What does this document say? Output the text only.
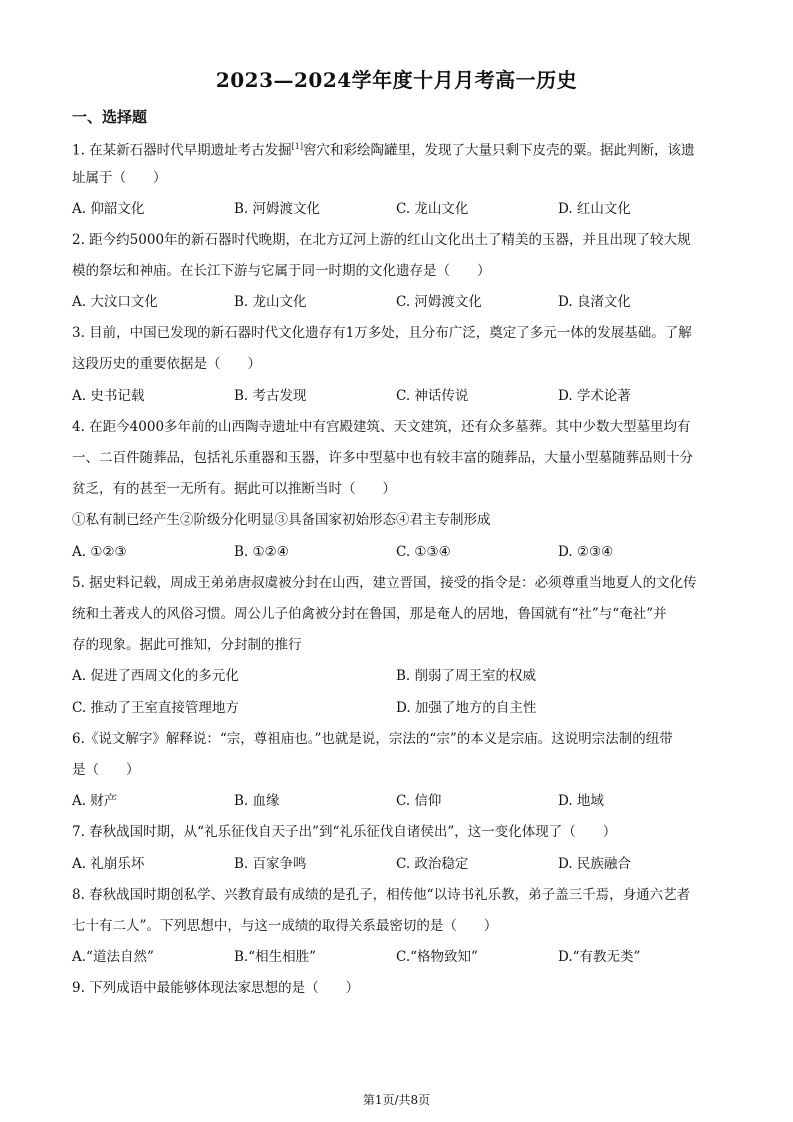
2023—2024学年度十月月考高一历史
一、选择题
1. 在某新石器时代早期遗址考古发掘[1]窖穴和彩绘陶罐里，发现了大量只剩下皮壳的粟。据此判断，该遗
址属于（　　）
A. 仰韶文化	B. 河姆渡文化	C. 龙山文化	D. 红山文化
2. 距今约5000年的新石器时代晚期，在北方辽河上游的红山文化出土了精美的玉器，并且出现了较大规
模的祭坛和神庙。在长江下游与它属于同一时期的文化遗存是（　　）
A. 大汶口文化	B. 龙山文化	C. 河姆渡文化	D. 良渚文化
3. 目前，中国已发现的新石器时代文化遗存有1万多处，且分布广泛，奠定了多元一体的发展基础。了解
这段历史的重要依据是（　　）
A. 史书记载	B. 考古发现	C. 神话传说	D. 学术论著
4. 在距今4000多年前的山西陶寺遗址中有宫殿建筑、天文建筑，还有众多墓葬。其中少数大型墓里均有
一、二百件随葬品，包括礼乐重器和玉器，许多中型墓中也有较丰富的随葬品，大量小型墓随葬品则十分
贫乏，有的甚至一无所有。据此可以推断当时（　　）
①私有制已经产生②阶级分化明显③具备国家初始形态④君主专制形成
A. ①②③	B. ①②④	C. ①③④	D. ②③④
5. 据史料记载，周成王弟弟唐叔虞被分封在山西，建立晋国，接受的指令是：必须尊重当地夏人的文化传
统和土著戎人的风俗习惯。周公儿子伯禽被分封在鲁国，那是奄人的居地，鲁国就有“社”与“奄社”并
存的现象。据此可推知，分封制的推行
A. 促进了西周文化的多元化	B. 削弱了周王室的权威
C. 推动了王室直接管理地方	D. 加强了地方的自主性
6.《说文解字》解释说：“宗，尊祖庙也。”也就是说，宗法的“宗”的本义是宗庙。这说明宗法制的纽带
是（　　）
A. 财产	B. 血缘	C. 信仰	D. 地域
7. 春秋战国时期，从“礼乐征伐自天子出”到“礼乐征伐自诸侯出”，这一变化体现了（　　）
A. 礼崩乐坏	B. 百家争鸣	C. 政治稳定	D. 民族融合
8. 春秋战国时期创私学、兴教育最有成绩的是孔子，相传他“以诗书礼乐教，弟子盖三千焉，身通六艺者
七十有二人”。下列思想中，与这一成绩的取得关系最密切的是（　　）
A.“道法自然”	B.“相生相胜”	C.“格物致知”	D.“有教无类”
9. 下列成语中最能够体现法家思想的是（　　）
第1页/共8页
